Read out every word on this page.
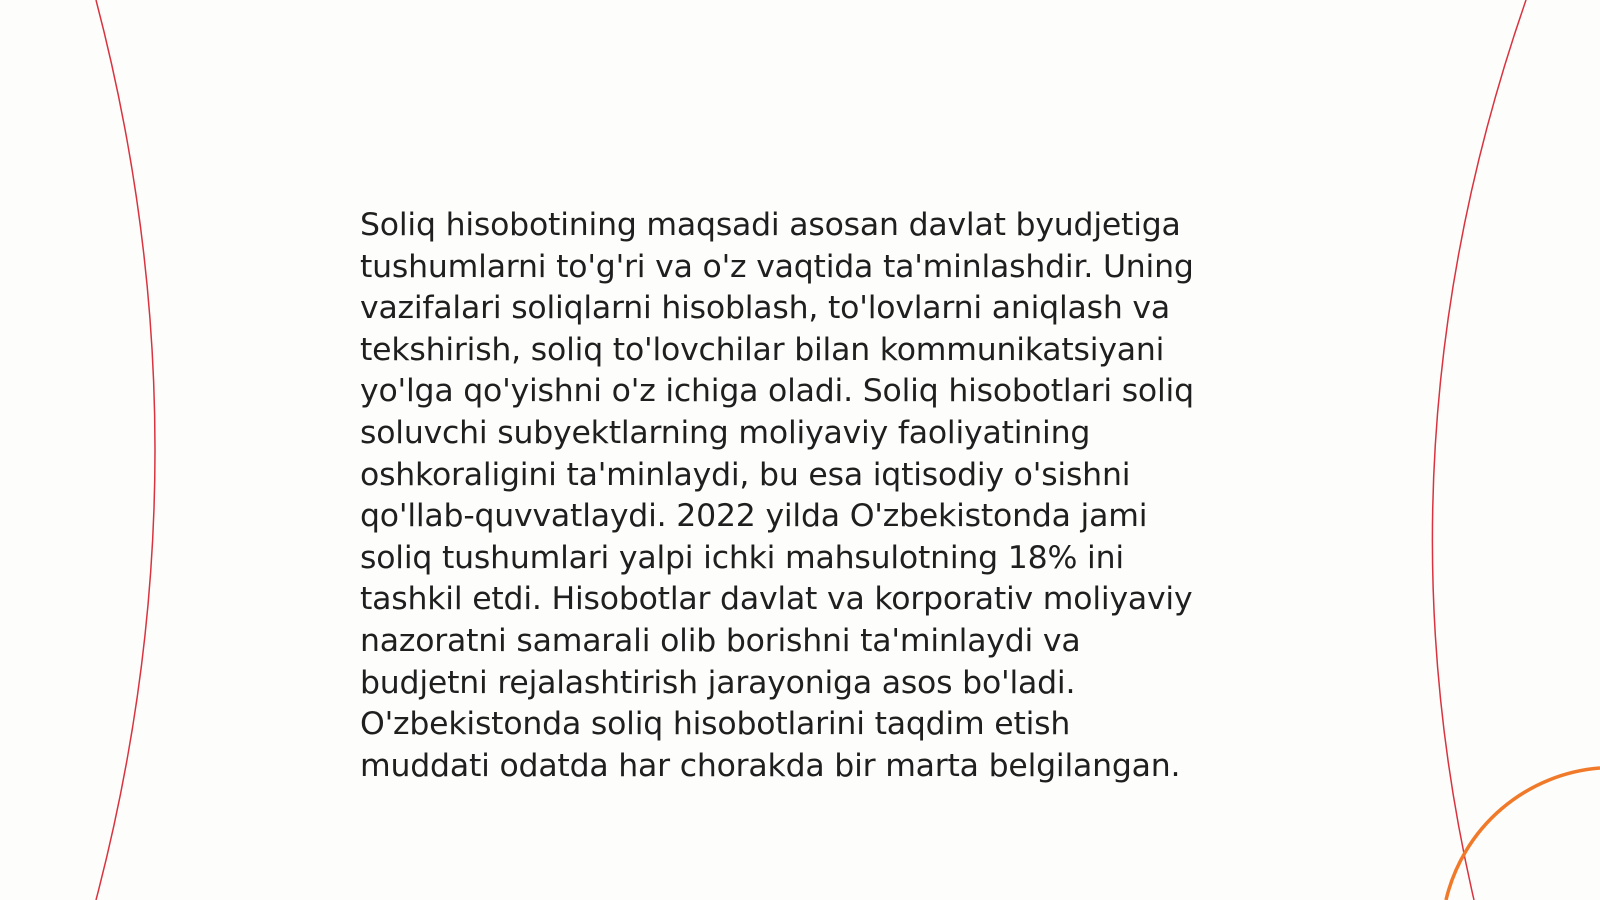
Soliq hisobotining maqsadi asosan davlat byudjetiga
tushumlarni to'g'ri va o'z vaqtida ta'minlashdir. Uning
vazifalari soliqlarni hisoblash, to'lovlarni aniqlash va
tekshirish, soliq to'lovchilar bilan kommunikatsiyani
yo'lga qo'yishni o'z ichiga oladi. Soliq hisobotlari soliq
soluvchi subyektlarning moliyaviy faoliyatining
oshkoraligini ta'minlaydi, bu esa iqtisodiy o'sishni
qo'llab-quvvatlaydi. 2022 yilda O'zbekistonda jami
soliq tushumlari yalpi ichki mahsulotning 18% ini
tashkil etdi. Hisobotlar davlat va korporativ moliyaviy
nazoratni samarali olib borishni ta'minlaydi va
budjetni rejalashtirish jarayoniga asos bo'ladi.
O'zbekistonda soliq hisobotlarini taqdim etish
muddati odatda har chorakda bir marta belgilangan.
